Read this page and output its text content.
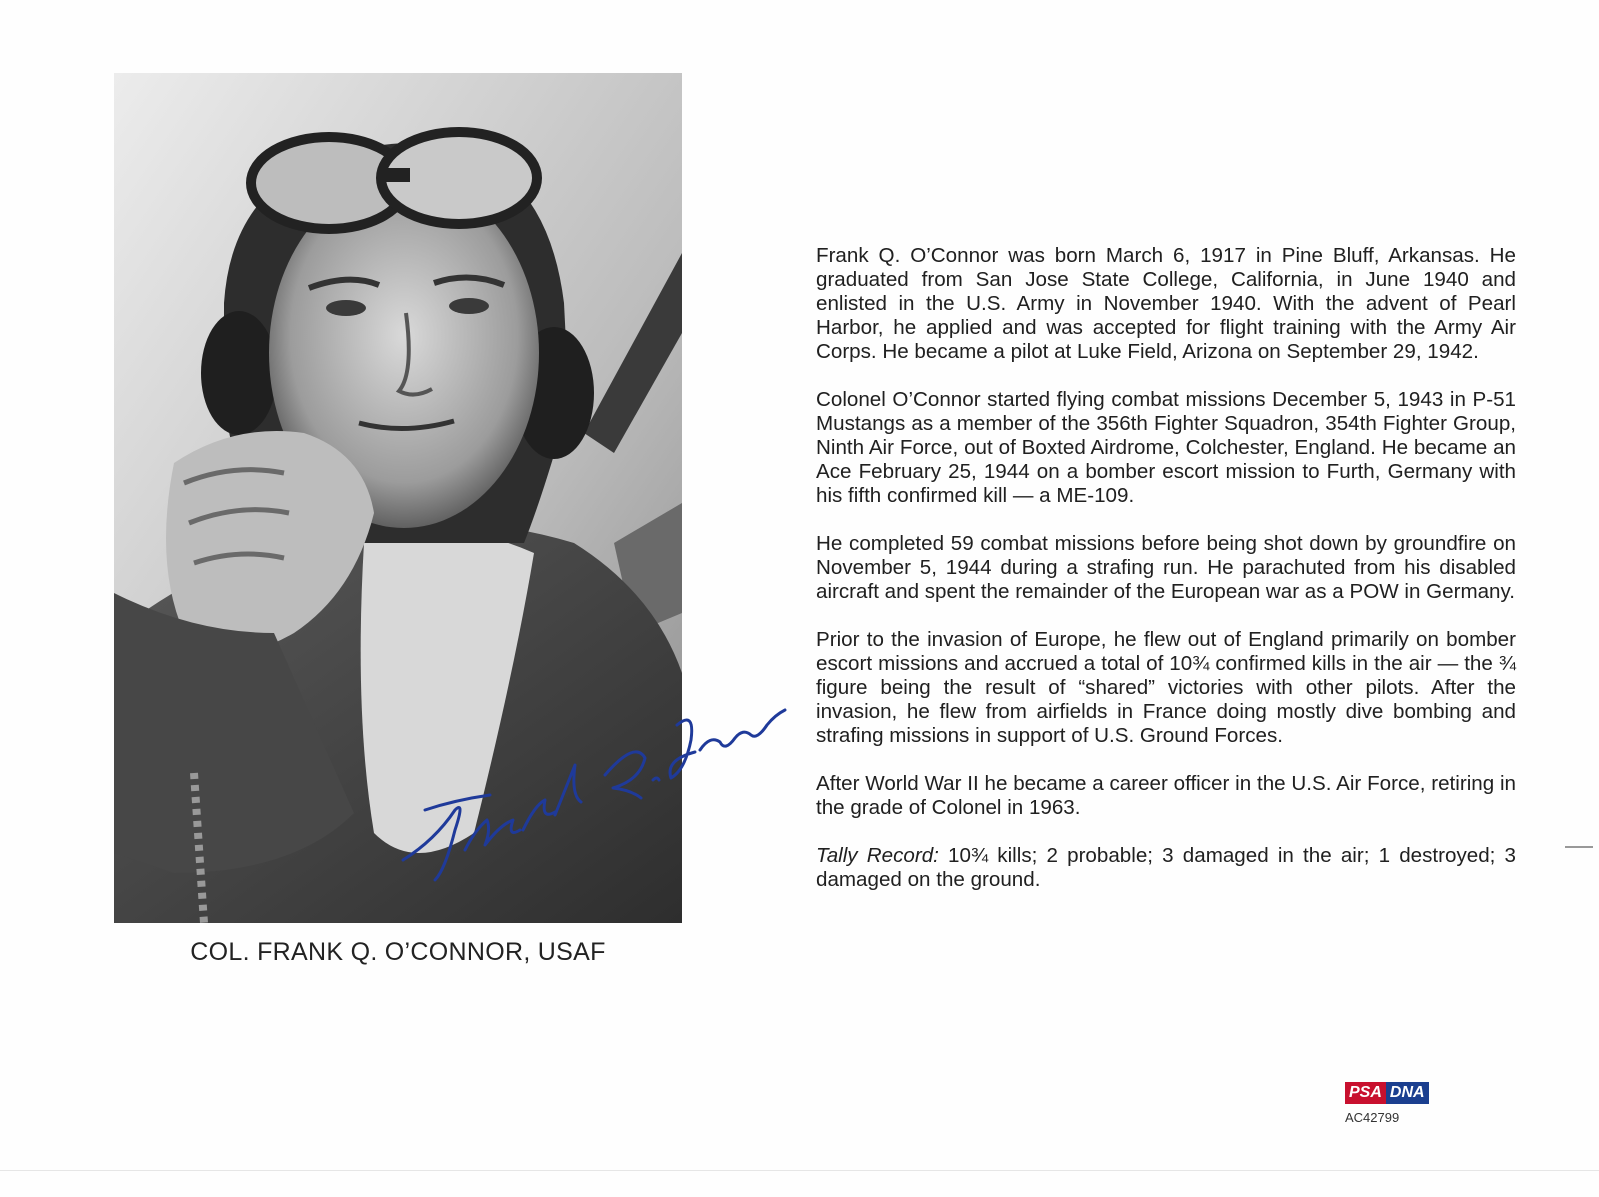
COL. FRANK Q. O’CONNOR, USAF

Frank Q. O’Connor was born March 6, 1917 in Pine Bluff, Arkansas. He graduated from San Jose State College, California, in June 1940 and enlisted in the U.S. Army in November 1940. With the advent of Pearl Harbor, he applied and was accepted for flight training with the Army Air Corps. He became a pilot at Luke Field, Arizona on September 29, 1942.

Colonel O’Connor started flying combat missions December 5, 1943 in P-51 Mustangs as a member of the 356th Fighter Squadron, 354th Fighter Group, Ninth Air Force, out of Boxted Airdrome, Colchester, England. He became an Ace February 25, 1944 on a bomber escort mission to Furth, Germany with his fifth confirmed kill — a ME-109.

He completed 59 combat missions before being shot down by groundfire on November 5, 1944 during a strafing run. He parachuted from his disabled aircraft and spent the remainder of the European war as a POW in Germany.

Prior to the invasion of Europe, he flew out of England primarily on bomber escort missions and accrued a total of 10¾ confirmed kills in the air — the ¾ figure being the result of “shared” victories with other pilots. After the invasion, he flew from airfields in France doing mostly dive bombing and strafing missions in support of U.S. Ground Forces.

After World War II he became a career officer in the U.S. Air Force, retiring in the grade of Colonel in 1963.

Tally Record: 10¾ kills; 2 probable; 3 damaged in the air; 1 destroyed; 3 damaged on the ground.

PSA DNA
AC42799
